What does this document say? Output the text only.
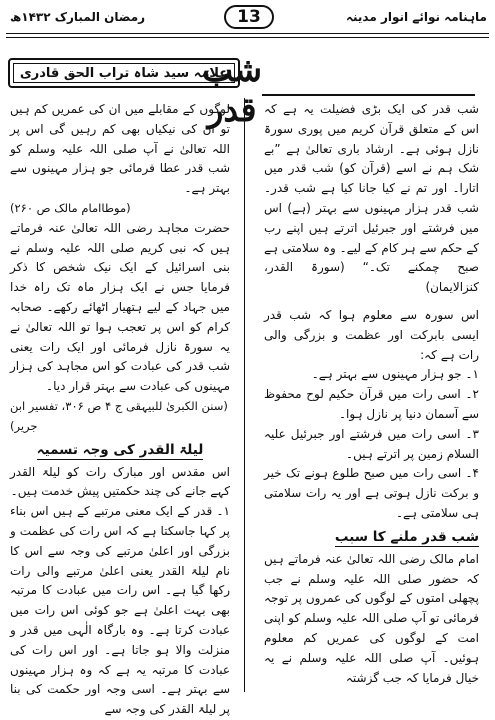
ماہنامہ نوائے انوار مدینہ
13
رمضان المبارک ۱۴۳۲ھ
شب قدر
علامہ سید شاہ تراب الحق قادری

شب قدر کی ایک بڑی فضیلت یہ ہے کہ اس کے متعلق قرآن کریم میں پوری سورۃ نازل ہوئی ہے۔ ارشاد باری تعالیٰ ہے ”بے شک ہم نے اسے (قرآن کو) شب قدر میں اتارا۔ اور تم نے کیا جانا کیا ہے شب قدر۔ شب قدر ہزار مہینوں سے بہتر (ہے) اس میں فرشتے اور جبرئیل اترتے ہیں اپنے رب کے حکم سے ہر کام کے لیے۔ وہ سلامتی ہے صبح چمکنے تک۔“ (سورۃ القدر، کنزالایمان)

اس سورہ سے معلوم ہوا کہ شب قدر ایسی بابرکت اور عظمت و بزرگی والی رات ہے کہ:

۱۔ جو ہزار مہینوں سے بہتر ہے۔

۲۔ اسی رات میں قرآن حکیم لوح محفوظ سے آسمان دنیا پر نازل ہوا۔

۳۔ اسی رات میں فرشتے اور جبرئیل علیہ السلام زمین پر اترتے ہیں۔

۴۔ اسی رات میں صبح طلوع ہونے تک خیر و برکت نازل ہوتی ہے اور یہ رات سلامتی ہی سلامتی ہے۔

شب قدر ملنے کا سبب

امام مالک رضی اللہ تعالیٰ عنہ فرماتے ہیں کہ حضور صلی اللہ علیہ وسلم نے جب پچھلی امتوں کے لوگوں کی عمروں پر توجہ فرمائی تو آپ صلی اللہ علیہ وسلم کو اپنی امت کے لوگوں کی عمریں کم معلوم ہوئیں۔ آپ صلی اللہ علیہ وسلم نے یہ خیال فرمایا کہ جب گزشتہ

لوگوں کے مقابلے میں ان کی عمریں کم ہیں تو ان کی نیکیاں بھی کم رہیں گی اس پر اللہ تعالیٰ نے آپ صلی اللہ علیہ وسلم کو شب قدر عطا فرمائی جو ہزار مہینوں سے بہتر ہے۔

(موطاامام مالک ص ۲۶۰)

حضرت مجاہد رضی اللہ تعالیٰ عنہ فرماتے ہیں کہ نبی کریم صلی اللہ علیہ وسلم نے بنی اسرائیل کے ایک نیک شخص کا ذکر فرمایا جس نے ایک ہزار ماہ تک راہ خدا میں جہاد کے لیے ہتھیار اٹھائے رکھے۔ صحابہ کرام کو اس پر تعجب ہوا تو اللہ تعالیٰ نے یہ سورۃ نازل فرمائی اور ایک رات یعنی شب قدر کی عبادت کو اس مجاہد کی ہزار مہینوں کی عبادت سے بہتر قرار دیا۔

(سنن الکبریٰ للبیہقی ج ۴ ص ۳۰۶، تفسیر ابن جریر)

لیلۃ القدر کی وجہ تسمیہ

اس مقدس اور مبارک رات کو لیلۃ القدر کہے جانے کی چند حکمتیں پیش خدمت ہیں۔

۱۔ قدر کے ایک معنی مرتبے کے ہیں اس بناء پر کہا جاسکتا ہے کہ اس رات کی عظمت و بزرگی اور اعلیٰ مرتبے کی وجہ سے اس کا نام لیلۃ القدر یعنی اعلیٰ مرتبے والی رات رکھا گیا ہے۔ اس رات میں عبادت کا مرتبہ بھی بہت اعلیٰ ہے جو کوئی اس رات میں عبادت کرتا ہے۔ وہ بارگاہ الٰہی میں قدر و منزلت والا ہو جاتا ہے۔ اور اس رات کی عبادت کا مرتبہ یہ ہے کہ وہ ہزار مہینوں سے بہتر ہے۔ اسی وجہ اور حکمت کی بنا پر لیلۃ القدر کی وجہ سے
